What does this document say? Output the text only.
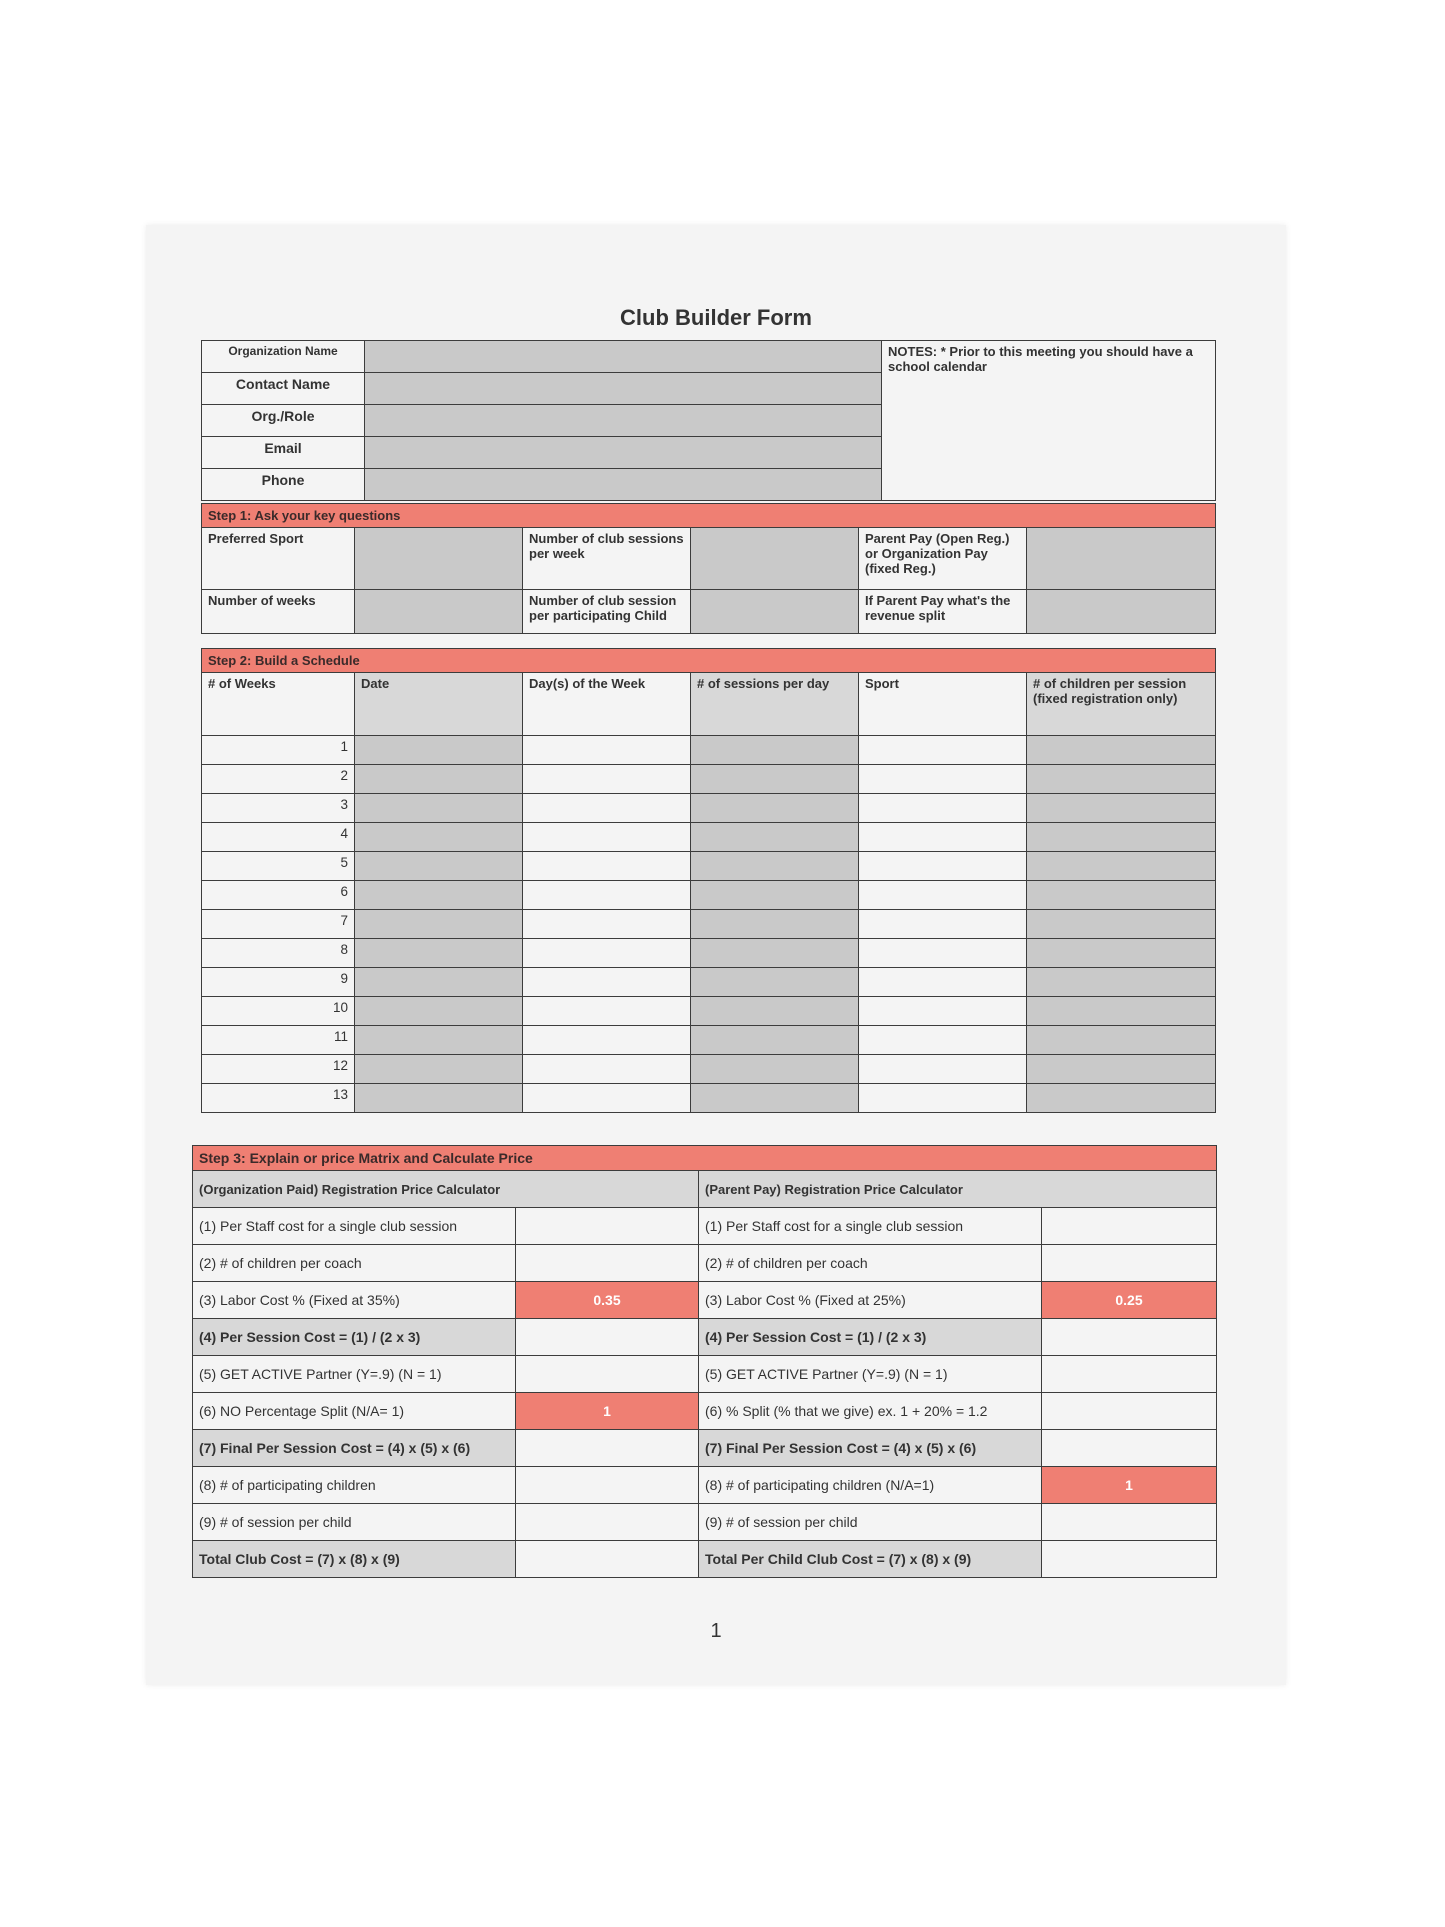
Club Builder Form
Organization Name		NOTES: * Prior to this meeting you should have a school calendar
Contact Name		
Org./Role		
Email		
Phone		
Step 1: Ask your key questions					
Preferred Sport		Number of club sessions per week		Parent Pay (Open Reg.) or Organization Pay (fixed Reg.)	
Number of weeks		Number of club session per participating Child		If Parent Pay what's the revenue split	
Step 2: Build a Schedule					
# of Weeks	Date	Day(s) of the Week	# of sessions per day	Sport	# of children per session (fixed registration only)
1					
2					
3					
4					
5					
6					
7					
8					
9					
10					
11					
12					
13					
Step 3: Explain or price Matrix and Calculate Price			
(Organization Paid) Registration Price Calculator		(Parent Pay) Registration Price Calculator	
(1) Per Staff cost for a single club session		(1) Per Staff cost for a single club session	
(2) # of children per coach		(2) # of children per coach	
(3) Labor Cost % (Fixed at 35%)	0.35	(3) Labor Cost % (Fixed at 25%)	0.25
(4) Per Session Cost = (1) / (2 x 3)		(4) Per Session Cost = (1) / (2 x 3)	
(5) GET ACTIVE Partner (Y=.9) (N = 1)		(5) GET ACTIVE Partner (Y=.9) (N = 1)	
(6) NO Percentage Split (N/A= 1)	1	(6) % Split (% that we give) ex. 1 + 20% = 1.2	
(7) Final Per Session Cost = (4) x (5) x (6)		(7) Final Per Session Cost = (4) x (5) x (6)	
(8) # of participating children		(8) # of participating children (N/A=1)	1
(9) # of session per child		(9) # of session per child	
Total Club Cost = (7) x (8) x (9)		Total Per Child Club Cost = (7) x (8) x (9)	
1
